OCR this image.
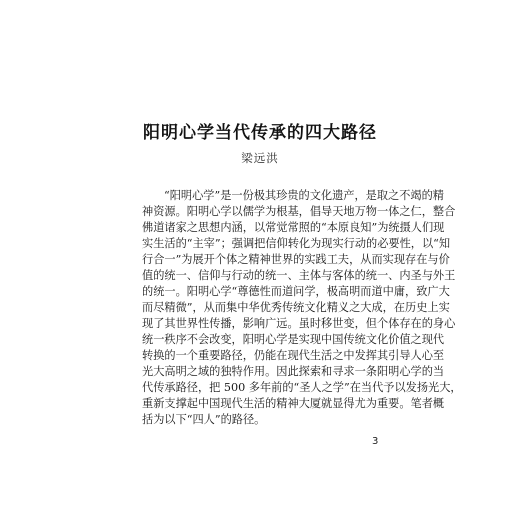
阳明心学当代传承的四大路径
梁远洪
“阳明心学”是一份极其珍贵的文化遗产，是取之不竭的精
神资源。阳明心学以儒学为根基，倡导天地万物一体之仁，整合
佛道诸家之思想内涵，以常觉常照的“本原良知”为统摄人们现
实生活的“主宰”；强调把信仰转化为现实行动的必要性，以“知
行合一”为展开个体之精神世界的实践工夫，从而实现存在与价
值的统一、信仰与行动的统一、主体与客体的统一、内圣与外王
的统一。阳明心学“尊德性而道问学，极高明而道中庸，致广大
而尽精微”，从而集中华优秀传统文化精义之大成，在历史上实
现了其世界性传播，影响广远。虽时移世变，但个体存在的身心
统一秩序不会改变，阳明心学是实现中国传统文化价值之现代
转换的一个重要路径，仍能在现代生活之中发挥其引导人心至
光大高明之域的独特作用。因此探索和寻求一条阳明心学的当
代传承路径，把 500 多年前的“圣人之学”在当代予以发扬光大，
重新支撑起中国现代生活的精神大厦就显得尤为重要。笔者概
括为以下“四人”的路径。
3
